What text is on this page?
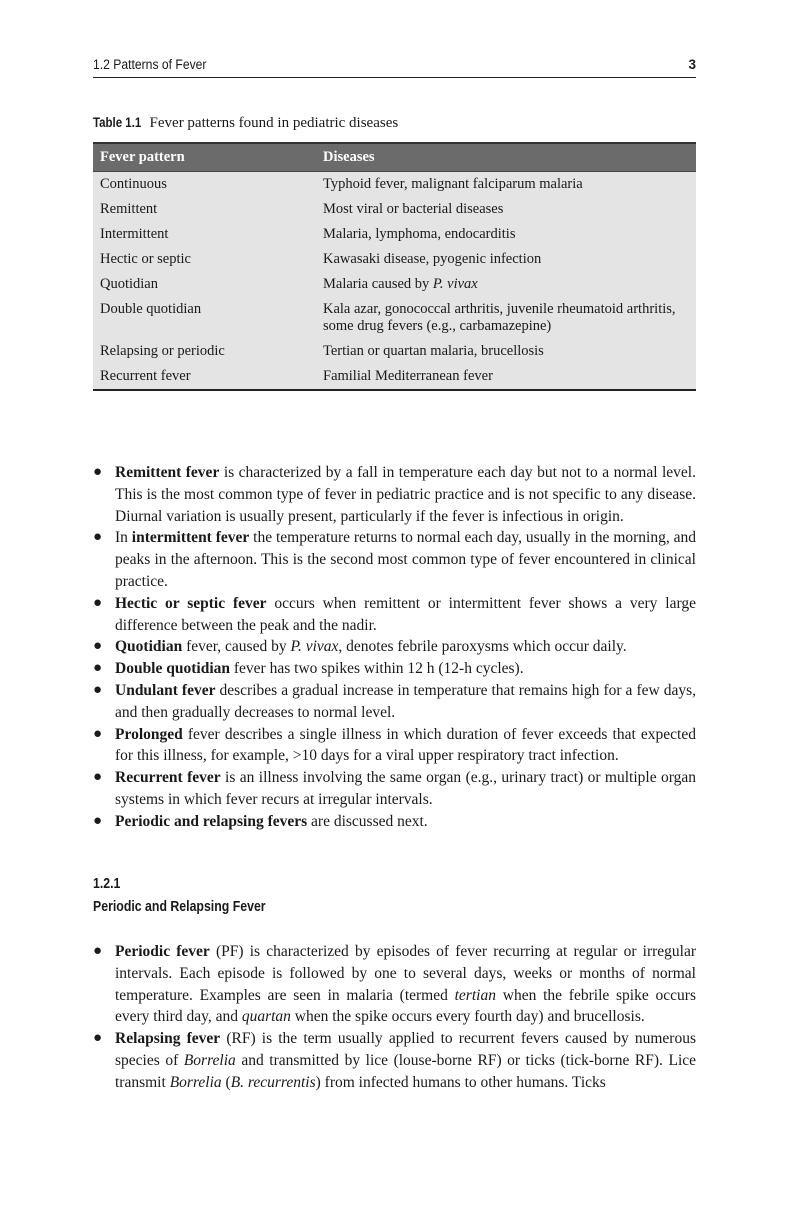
1.2 Patterns of Fever	3
Table 1.1 Fever patterns found in pediatric diseases
Fever pattern	Diseases
Continuous	Typhoid fever, malignant falciparum malaria
Remittent	Most viral or bacterial diseases
Intermittent	Malaria, lymphoma, endocarditis
Hectic or septic	Kawasaki disease, pyogenic infection
Quotidian	Malaria caused by P. vivax
Double quotidian	Kala azar, gonococcal arthritis, juvenile rheumatoid arthritis, some drug fevers (e.g., carbamazepine)
Relapsing or periodic	Tertian or quartan malaria, brucellosis
Recurrent fever	Familial Mediterranean fever
● Remittent fever is characterized by a fall in temperature each day but not to a normal level. This is the most common type of fever in pediatric practice and is not specific to any disease. Diurnal variation is usually present, particularly if the fever is infectious in origin.
● In intermittent fever the temperature returns to normal each day, usually in the morning, and peaks in the afternoon. This is the second most common type of fever encountered in clinical practice.
● Hectic or septic fever occurs when remittent or intermittent fever shows a very large difference between the peak and the nadir.
● Quotidian fever, caused by P. vivax, denotes febrile paroxysms which occur daily.
● Double quotidian fever has two spikes within 12 h (12-h cycles).
● Undulant fever describes a gradual increase in temperature that remains high for a few days, and then gradually decreases to normal level.
● Prolonged fever describes a single illness in which duration of fever exceeds that expected for this illness, for example, >10 days for a viral upper respiratory tract infection.
● Recurrent fever is an illness involving the same organ (e.g., urinary tract) or multiple organ systems in which fever recurs at irregular intervals.
● Periodic and relapsing fevers are discussed next.
1.2.1
Periodic and Relapsing Fever
● Periodic fever (PF) is characterized by episodes of fever recurring at regular or irregular intervals. Each episode is followed by one to several days, weeks or months of normal temperature. Examples are seen in malaria (termed tertian when the febrile spike occurs every third day, and quartan when the spike occurs every fourth day) and brucellosis.
● Relapsing fever (RF) is the term usually applied to recurrent fevers caused by numerous species of Borrelia and transmitted by lice (louse-borne RF) or ticks (tick-borne RF). Lice transmit Borrelia (B. recurrentis) from infected humans to other humans. Ticks
